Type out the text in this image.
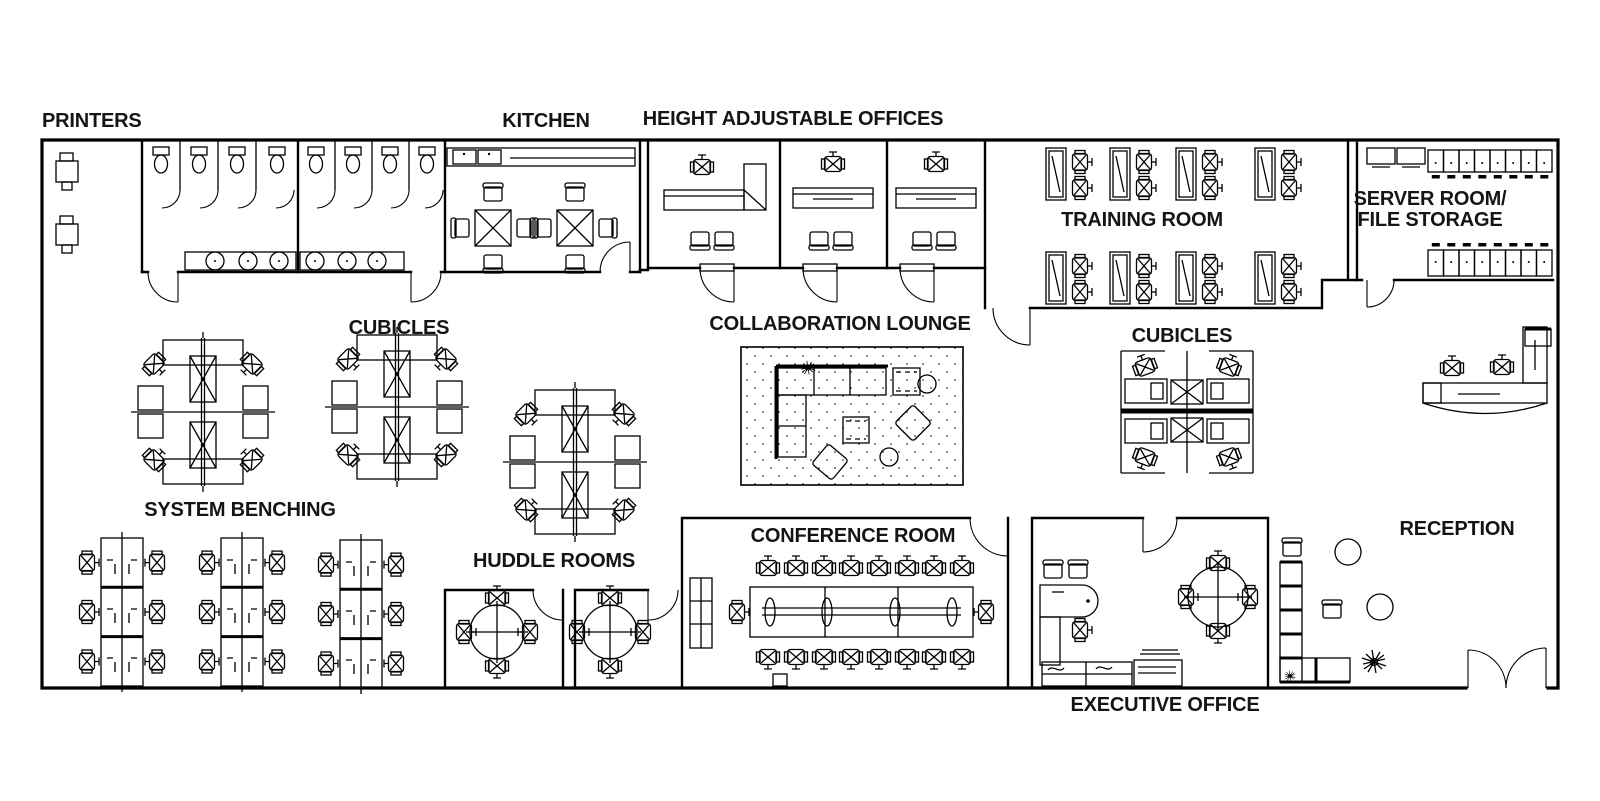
PRINTERS	KITCHEN	HEIGHT ADJUSTABLE OFFICES
TRAINING ROOM
SERVER ROOM/
FILE STORAGE
CUBICLES	COLLABORATION LOUNGE
CUBICLES
SYSTEM BENCHING
HUDDLE ROOMS
CONFERENCE ROOM	RECEPTION
EXECUTIVE OFFICE
